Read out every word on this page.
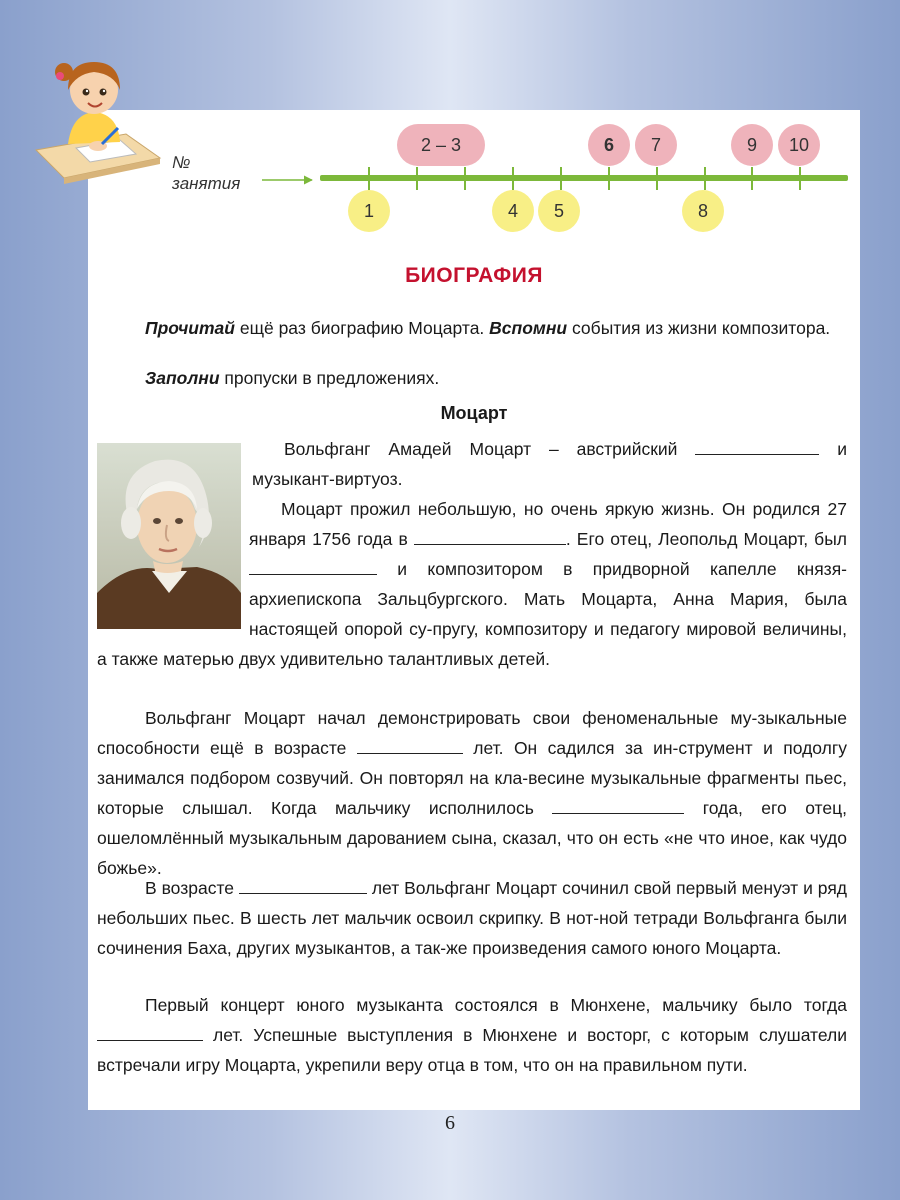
№ занятия
2 – 3	6 7	9 10
1	4 5	8
БИОГРАФИЯ

Прочитай ещё раз биографию Моцарта. Вспомни события из жизни композитора.

Заполни пропуски в предложениях.

Моцарт

Вольфганг Амадей Моцарт – австрийский	и музыкант-виртуоз.

Моцарт прожил небольшую, но очень яркую жизнь. Он родился 27 января 1756 года в	. Его отец, Леопольд Моцарт, был  и композитором в придворной капелле князя-архиепископа Зальцбургского. Мать Моцарта, Анна Мария, была настоящей опорой су-пругу, композитору и педагогу мировой величины, а также матерью двух удивительно талантливых детей.

Вольфганг Моцарт начал демонстрировать свои феноменальные му-зыкальные способности ещё в возрасте	лет. Он садился за ин-струмент и подолгу занимался подбором созвучий. Он повторял на кла-весине музыкальные фрагменты пьес, которые слышал. Когда мальчику исполнилось	года, его отец, ошеломлённый музыкальным дарованием сына, сказал, что он есть «не что иное, как чудо божье».

В возрасте	лет Вольфганг Моцарт сочинил свой первый менуэт и ряд небольших пьес. В шесть лет мальчик освоил скрипку. В нот-ной тетради Вольфганга были сочинения Баха, других музыкантов, а так-же произведения самого юного Моцарта.

Первый концерт юного музыканта состоялся в Мюнхене, мальчику было тогда  лет. Успешные выступления в Мюнхене и восторг, с которым слушатели встречали игру Моцарта, укрепили веру отца в том, что он на правильном пути.

6
